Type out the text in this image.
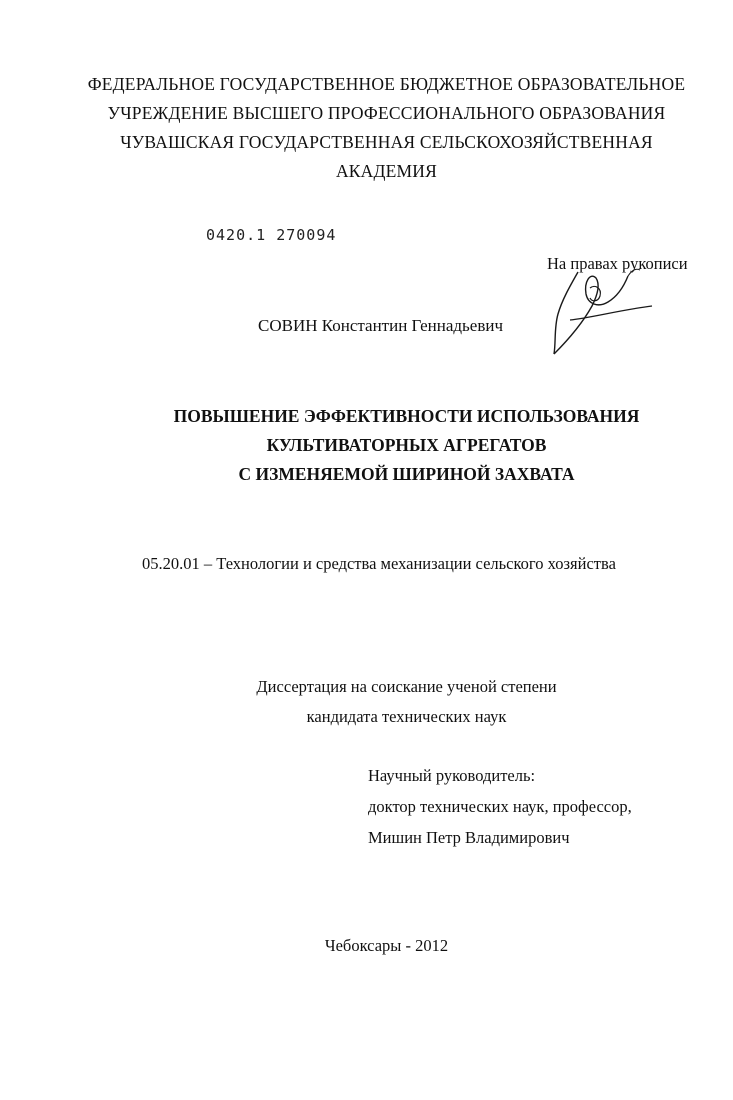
ФЕДЕРАЛЬНОЕ ГОСУДАРСТВЕННОЕ БЮДЖЕТНОЕ ОБРАЗОВАТЕЛЬНОЕ
УЧРЕЖДЕНИЕ ВЫСШЕГО ПРОФЕССИОНАЛЬНОГО ОБРАЗОВАНИЯ
ЧУВАШСКАЯ ГОСУДАРСТВЕННАЯ СЕЛЬСКОХОЗЯЙСТВЕННАЯ
АКАДЕМИЯ
0420.1 270094
На правах рукописи
СОВИН Константин Геннадьевич
ПОВЫШЕНИЕ ЭФФЕКТИВНОСТИ ИСПОЛЬЗОВАНИЯ
КУЛЬТИВАТОРНЫХ АГРЕГАТОВ
С ИЗМЕНЯЕМОЙ ШИРИНОЙ ЗАХВАТА
05.20.01 – Технологии и средства механизации сельского хозяйства
Диссертация на соискание ученой степени
кандидата технических наук
Научный руководитель:
доктор технических наук, профессор,
Мишин Петр Владимирович
Чебоксары - 2012
